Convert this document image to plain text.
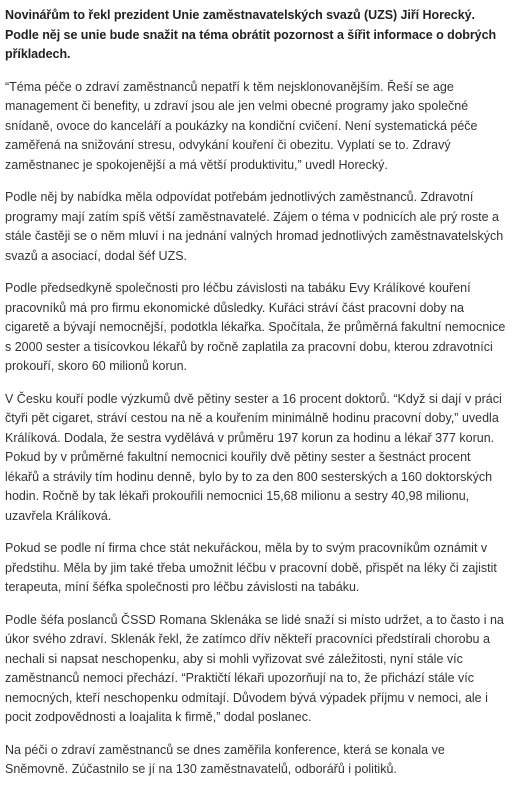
Novinářům to řekl prezident Unie zaměstnavatelských svazů (UZS) Jiří Horecký. Podle něj se unie bude snažit na téma obrátit pozornost a šířit informace o dobrých příkladech.

“Téma péče o zdraví zaměstnanců nepatří k těm nejsklonovanějším. Řeší se age management či benefity, u zdraví jsou ale jen velmi obecné programy jako společné snídaně, ovoce do kanceláří a poukázky na kondiční cvičení. Není systematická péče zaměřená na snižování stresu, odvykání kouření či obezitu. Vyplatí se to. Zdravý zaměstnanec je spokojenější a má větší produktivitu,” uvedl Horecký.

Podle něj by nabídka měla odpovídat potřebám jednotlivých zaměstnanců. Zdravotní programy mají zatím spíš větší zaměstnavatelé. Zájem o téma v podnicích ale prý roste a stále častěji se o něm mluví i na jednání valných hromad jednotlivých zaměstnavatelských svazů a asociací, dodal šéf UZS.

Podle předsedkyně společnosti pro léčbu závislosti na tabáku Evy Králíkové kouření pracovníků má pro firmu ekonomické důsledky. Kuřáci stráví část pracovní doby na cigaretě a bývají nemocnější, podotkla lékařka. Spočítala, že průměrná fakultní nemocnice s 2000 sester a tisícovkou lékařů by ročně zaplatila za pracovní dobu, kterou zdravotníci prokouří, skoro 60 milionů korun.

V Česku kouří podle výzkumů dvě pětiny sester a 16 procent doktorů. “Když si dají v práci čtyři pět cigaret, stráví cestou na ně a kouřením minimálně hodinu pracovní doby,” uvedla Králíková. Dodala, že sestra vydělává v průměru 197 korun za hodinu a lékař 377 korun. Pokud by v průměrné fakultní nemocnici kouřily dvě pětiny sester a šestnáct procent lékařů a strávily tím hodinu denně, bylo by to za den 800 sesterských a 160 doktorských hodin. Ročně by tak lékaři prokouřili nemocnici 15,68 milionu a sestry 40,98 milionu, uzavřela Králíková.

Pokud se podle ní firma chce stát nekuřáckou, měla by to svým pracovníkům oznámit v předstihu. Měla by jim také třeba umožnit léčbu v pracovní době, přispět na léky či zajistit terapeuta, míní šéfka společnosti pro léčbu závislosti na tabáku.

Podle šéfa poslanců ČSSD Romana Sklenáka se lidé snaží si místo udržet, a to často i na úkor svého zdraví. Sklenák řekl, že zatímco dřív někteří pracovníci předstírali chorobu a nechali si napsat neschopenku, aby si mohli vyřizovat své záležitosti, nyní stále víc zaměstnanců nemoci přechází. “Praktičtí lékaři upozorňují na to, že přichází stále víc nemocných, kteří neschopenku odmítají. Důvodem bývá výpadek příjmu v nemoci, ale i pocit zodpovědnosti a loajalita k firmě,” dodal poslanec.

Na péči o zdraví zaměstnanců se dnes zaměřila konference, která se konala ve Sněmovně. Zúčastnilo se jí na 130 zaměstnavatelů, odborářů i politiků.
